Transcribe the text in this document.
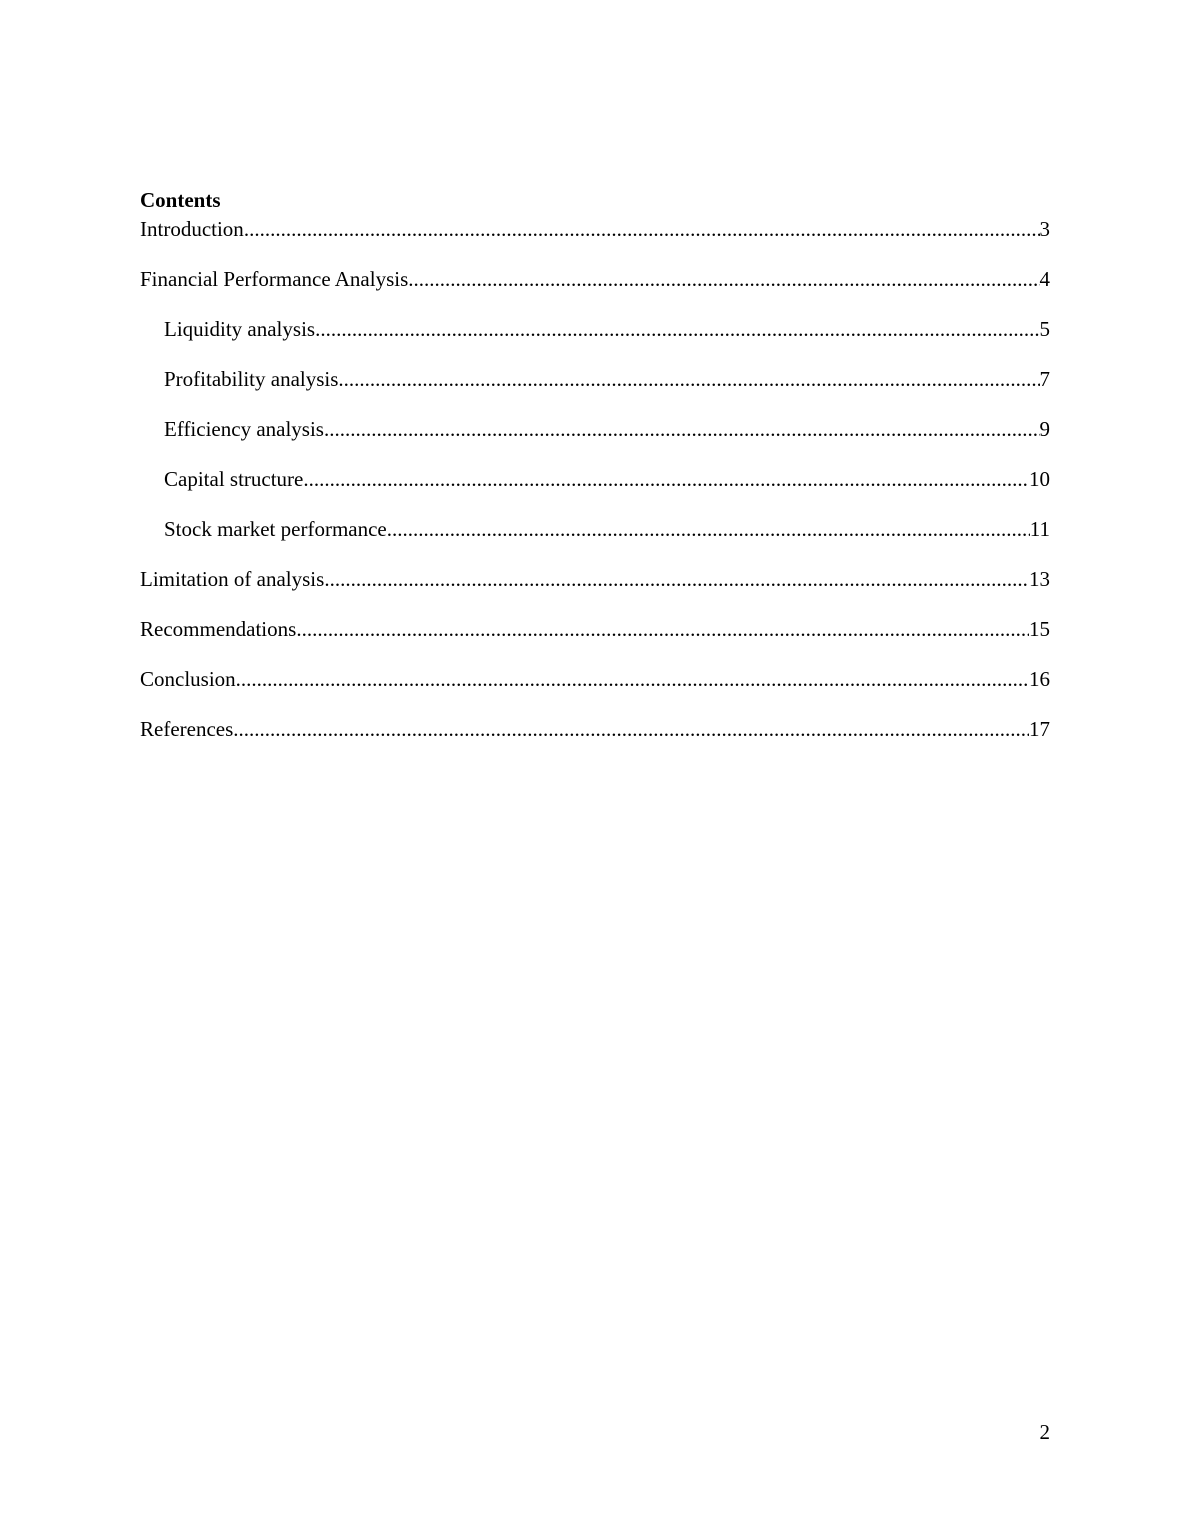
Contents
Introduction .....	3
Financial Performance Analysis .....	4
Liquidity analysis .....	5
Profitability analysis .....	7
Efficiency analysis .....	9
Capital structure .....	10
Stock market performance .....	11
Limitation of analysis .....	13
Recommendations .....	15
Conclusion .....	16
References .....	17
2
